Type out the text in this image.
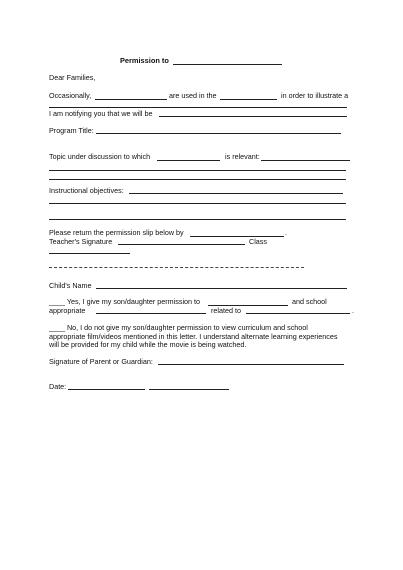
Permission to
Dear Families,
Occasionally,	are used in the	in order to illustrate a
I am notifying you that we will be
Program Title:
Topic under discussion to which	is relevant:
Instructional objectives:
Please return the permission slip below by	.
Teacher's Signature	Class
Child's Name
____ Yes, I give my son/daughter permission to	and school
appropriate	related to	.
____ No, I do not give my son/daughter permission to view curriculum and school
appropriate film/videos mentioned in this letter. I understand alternate learning experiences
will be provided for my child while the movie is being watched.
Signature of Parent or Guardian:
Date:
